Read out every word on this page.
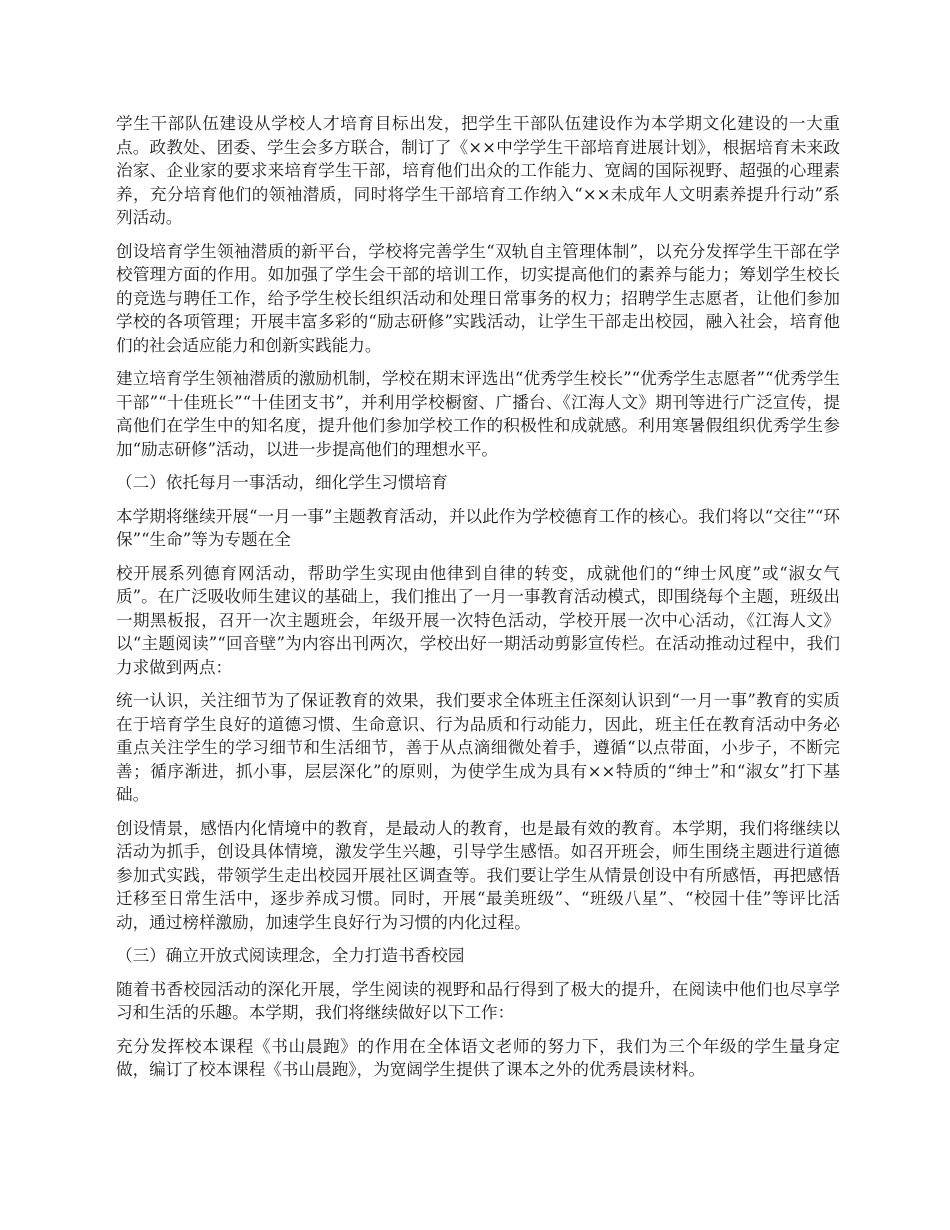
学生干部队伍建设从学校人才培育目标出发，把学生干部队伍建设作为本学期文化建设的一大重点。政教处、团委、学生会多方联合，制订了《××中学学生干部培育进展计划》，根据培育未来政治家、企业家的要求来培育学生干部，培育他们出众的工作能力、宽阔的国际视野、超强的心理素养，充分培育他们的领袖潜质，同时将学生干部培育工作纳入“××未成年人文明素养提升行动”系列活动。

创设培育学生领袖潜质的新平台，学校将完善学生“双轨自主管理体制”，以充分发挥学生干部在学校管理方面的作用。如加强了学生会干部的培训工作，切实提高他们的素养与能力；筹划学生校长的竞选与聘任工作，给予学生校长组织活动和处理日常事务的权力；招聘学生志愿者，让他们参加学校的各项管理；开展丰富多彩的“励志研修”实践活动，让学生干部走出校园，融入社会，培育他们的社会适应能力和创新实践能力。

建立培育学生领袖潜质的激励机制，学校在期末评选出“优秀学生校长”“优秀学生志愿者”“优秀学生干部”“十佳班长”“十佳团支书”，并利用学校橱窗、广播台、《江海人文》期刊等进行广泛宣传，提高他们在学生中的知名度，提升他们参加学校工作的积极性和成就感。利用寒暑假组织优秀学生参加“励志研修”活动，以进一步提高他们的理想水平。

（二）依托每月一事活动，细化学生习惯培育

本学期将继续开展“一月一事”主题教育活动，并以此作为学校德育工作的核心。我们将以“交往”“环保”“生命”等为专题在全

校开展系列德育网活动，帮助学生实现由他律到自律的转变，成就他们的“绅士风度”或“淑女气质”。在广泛吸收师生建议的基础上，我们推出了一月一事教育活动模式，即围绕每个主题，班级出一期黑板报，召开一次主题班会，年级开展一次特色活动，学校开展一次中心活动，《江海人文》以“主题阅读”“回音壁”为内容出刊两次，学校出好一期活动剪影宣传栏。在活动推动过程中，我们力求做到两点：

统一认识，关注细节为了保证教育的效果，我们要求全体班主任深刻认识到“一月一事”教育的实质在于培育学生良好的道德习惯、生命意识、行为品质和行动能力，因此，班主任在教育活动中务必重点关注学生的学习细节和生活细节，善于从点滴细微处着手，遵循“以点带面，小步子，不断完善；循序渐进，抓小事，层层深化”的原则，为使学生成为具有××特质的“绅士”和“淑女”打下基础。

创设情景，感悟内化情境中的教育，是最动人的教育，也是最有效的教育。本学期，我们将继续以活动为抓手，创设具体情境，激发学生兴趣，引导学生感悟。如召开班会，师生围绕主题进行道德参加式实践，带领学生走出校园开展社区调查等。我们要让学生从情景创设中有所感悟，再把感悟迁移至日常生活中，逐步养成习惯。同时，开展“最美班级”、“班级八星”、“校园十佳”等评比活动，通过榜样激励，加速学生良好行为习惯的内化过程。

（三）确立开放式阅读理念，全力打造书香校园

随着书香校园活动的深化开展，学生阅读的视野和品行得到了极大的提升，在阅读中他们也尽享学习和生活的乐趣。本学期，我们将继续做好以下工作：

充分发挥校本课程《书山晨跑》的作用在全体语文老师的努力下，我们为三个年级的学生量身定做，编订了校本课程《书山晨跑》，为宽阔学生提供了课本之外的优秀晨读材料。
